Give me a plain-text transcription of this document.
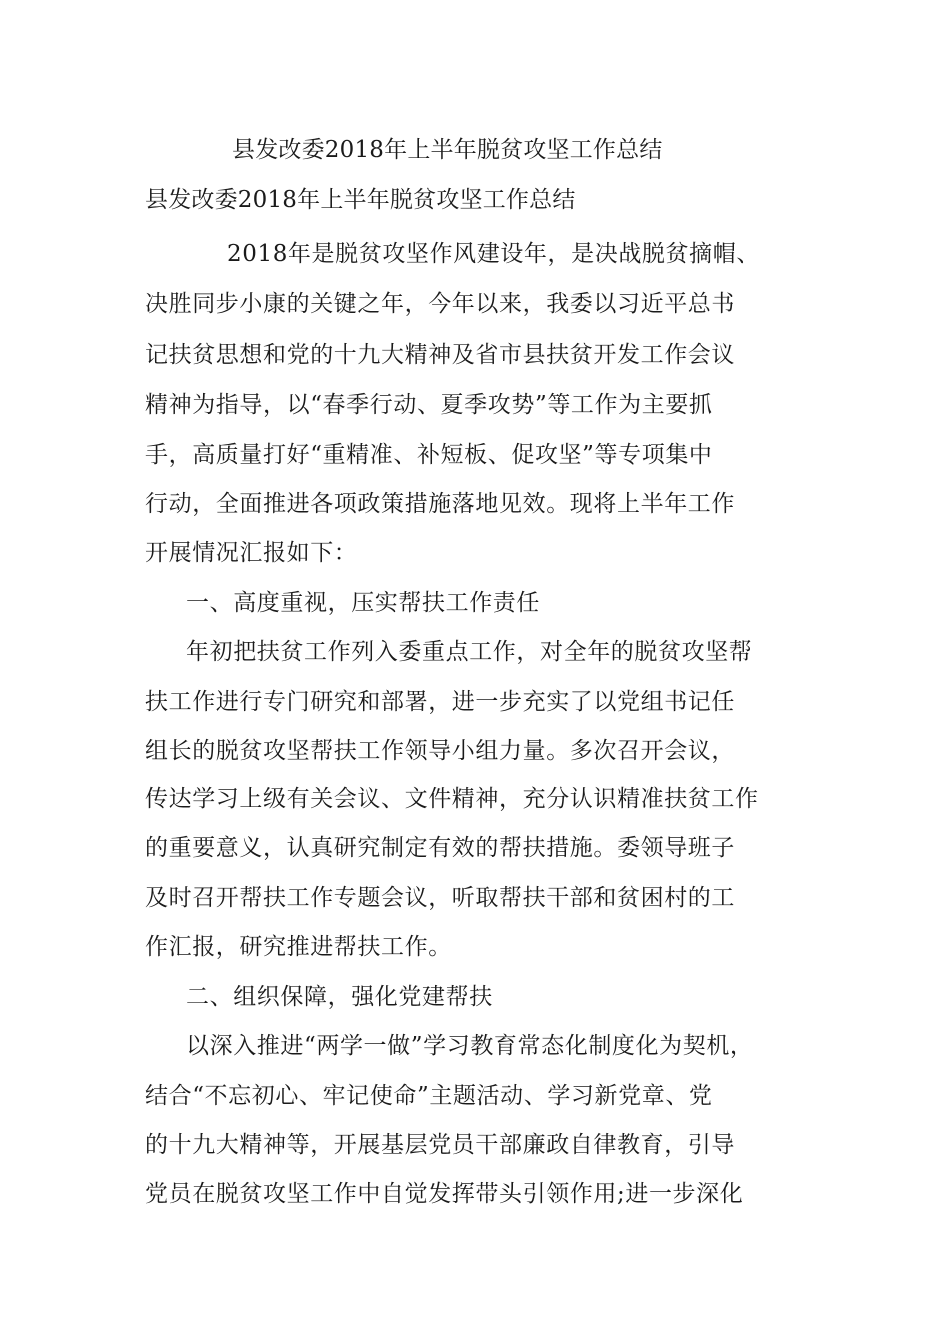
县发改委2018年上半年脱贫攻坚工作总结
县发改委2018年上半年脱贫攻坚工作总结
2018年是脱贫攻坚作风建设年，是决战脱贫摘帽、
决胜同步小康的关键之年，今年以来，我委以习近平总书
记扶贫思想和党的十九大精神及省市县扶贫开发工作会议
精神为指导，以“春季行动、夏季攻势”等工作为主要抓
手，高质量打好“重精准、补短板、促攻坚”等专项集中
行动，全面推进各项政策措施落地见效。现将上半年工作
开展情况汇报如下：
一、高度重视，压实帮扶工作责任
年初把扶贫工作列入委重点工作，对全年的脱贫攻坚帮
扶工作进行专门研究和部署，进一步充实了以党组书记任
组长的脱贫攻坚帮扶工作领导小组力量。多次召开会议，
传达学习上级有关会议、文件精神，充分认识精准扶贫工作
的重要意义，认真研究制定有效的帮扶措施。委领导班子
及时召开帮扶工作专题会议，听取帮扶干部和贫困村的工
作汇报，研究推进帮扶工作。
二、组织保障，强化党建帮扶
以深入推进“两学一做”学习教育常态化制度化为契机，
结合“不忘初心、牢记使命”主题活动、学习新党章、党
的十九大精神等，开展基层党员干部廉政自律教育，引导
党员在脱贫攻坚工作中自觉发挥带头引领作用;进一步深化
